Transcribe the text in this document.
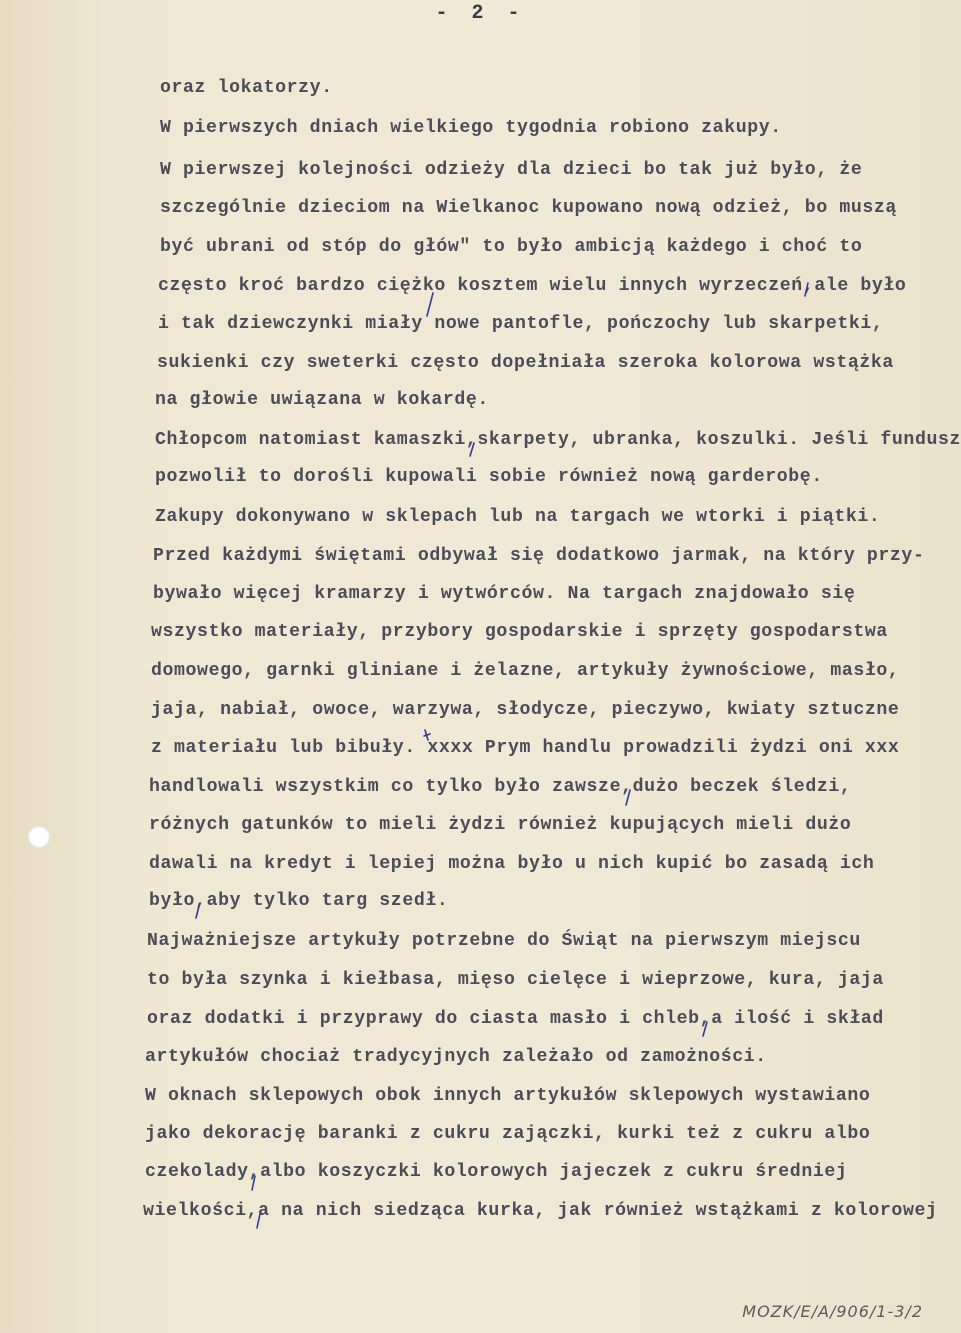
- 2 -
oraz lokatorzy.
W pierwszych dniach wielkiego tygodnia robiono zakupy.
W pierwszej kolejności odzieży dla dzieci bo tak już było, że
szczególnie dzieciom na Wielkanoc kupowano nową odzież, bo muszą
być ubrani od stóp do głów" to było ambicją każdego i choć to
często kroć bardzo ciężko kosztem wielu innych wyrzeczeń,ale było
i tak dziewczynki miały nowe pantofle, pończochy lub skarpetki,
sukienki czy sweterki często dopełniała szeroka kolorowa wstążka
na głowie uwiązana w kokardę.
Chłopcom natomiast kamaszki,skarpety, ubranka, koszulki. Jeśli fundusz
pozwolił to dorośli kupowali sobie również nową garderobę.
Zakupy dokonywano w sklepach lub na targach we wtorki i piątki.
Przed każdymi świętami odbywał się dodatkowo jarmak, na który przy-
bywało więcej kramarzy i wytwórców. Na targach znajdowało się
wszystko materiały, przybory gospodarskie i sprzęty gospodarstwa
domowego, garnki gliniane i żelazne, artykuły żywnościowe, masło,
jaja, nabiał, owoce, warzywa, słodycze, pieczywo, kwiaty sztuczne
z materiału lub bibuły. xxxx Prym handlu prowadzili żydzi oni xxx
handlowali wszystkim co tylko było zawsze,dużo beczek śledzi,
różnych gatunków to mieli żydzi również kupujących mieli dużo
dawali na kredyt i lepiej można było u nich kupić bo zasadą ich
było,aby tylko targ szedł.
Najważniejsze artykuły potrzebne do Świąt na pierwszym miejscu
to była szynka i kiełbasa, mięso cielęce i wieprzowe, kura, jaja
oraz dodatki i przyprawy do ciasta masło i chleb,a ilość i skład
artykułów chociaż tradycyjnych zależało od zamożności.
W oknach sklepowych obok innych artykułów sklepowych wystawiano
jako dekorację baranki z cukru zajączki, kurki też z cukru albo
czekolady,albo koszyczki kolorowych jajeczek z cukru średniej
wielkości,a na nich siedząca kurka, jak również wstążkami z kolorowej
MOZK/E/A/906/1-3/2
